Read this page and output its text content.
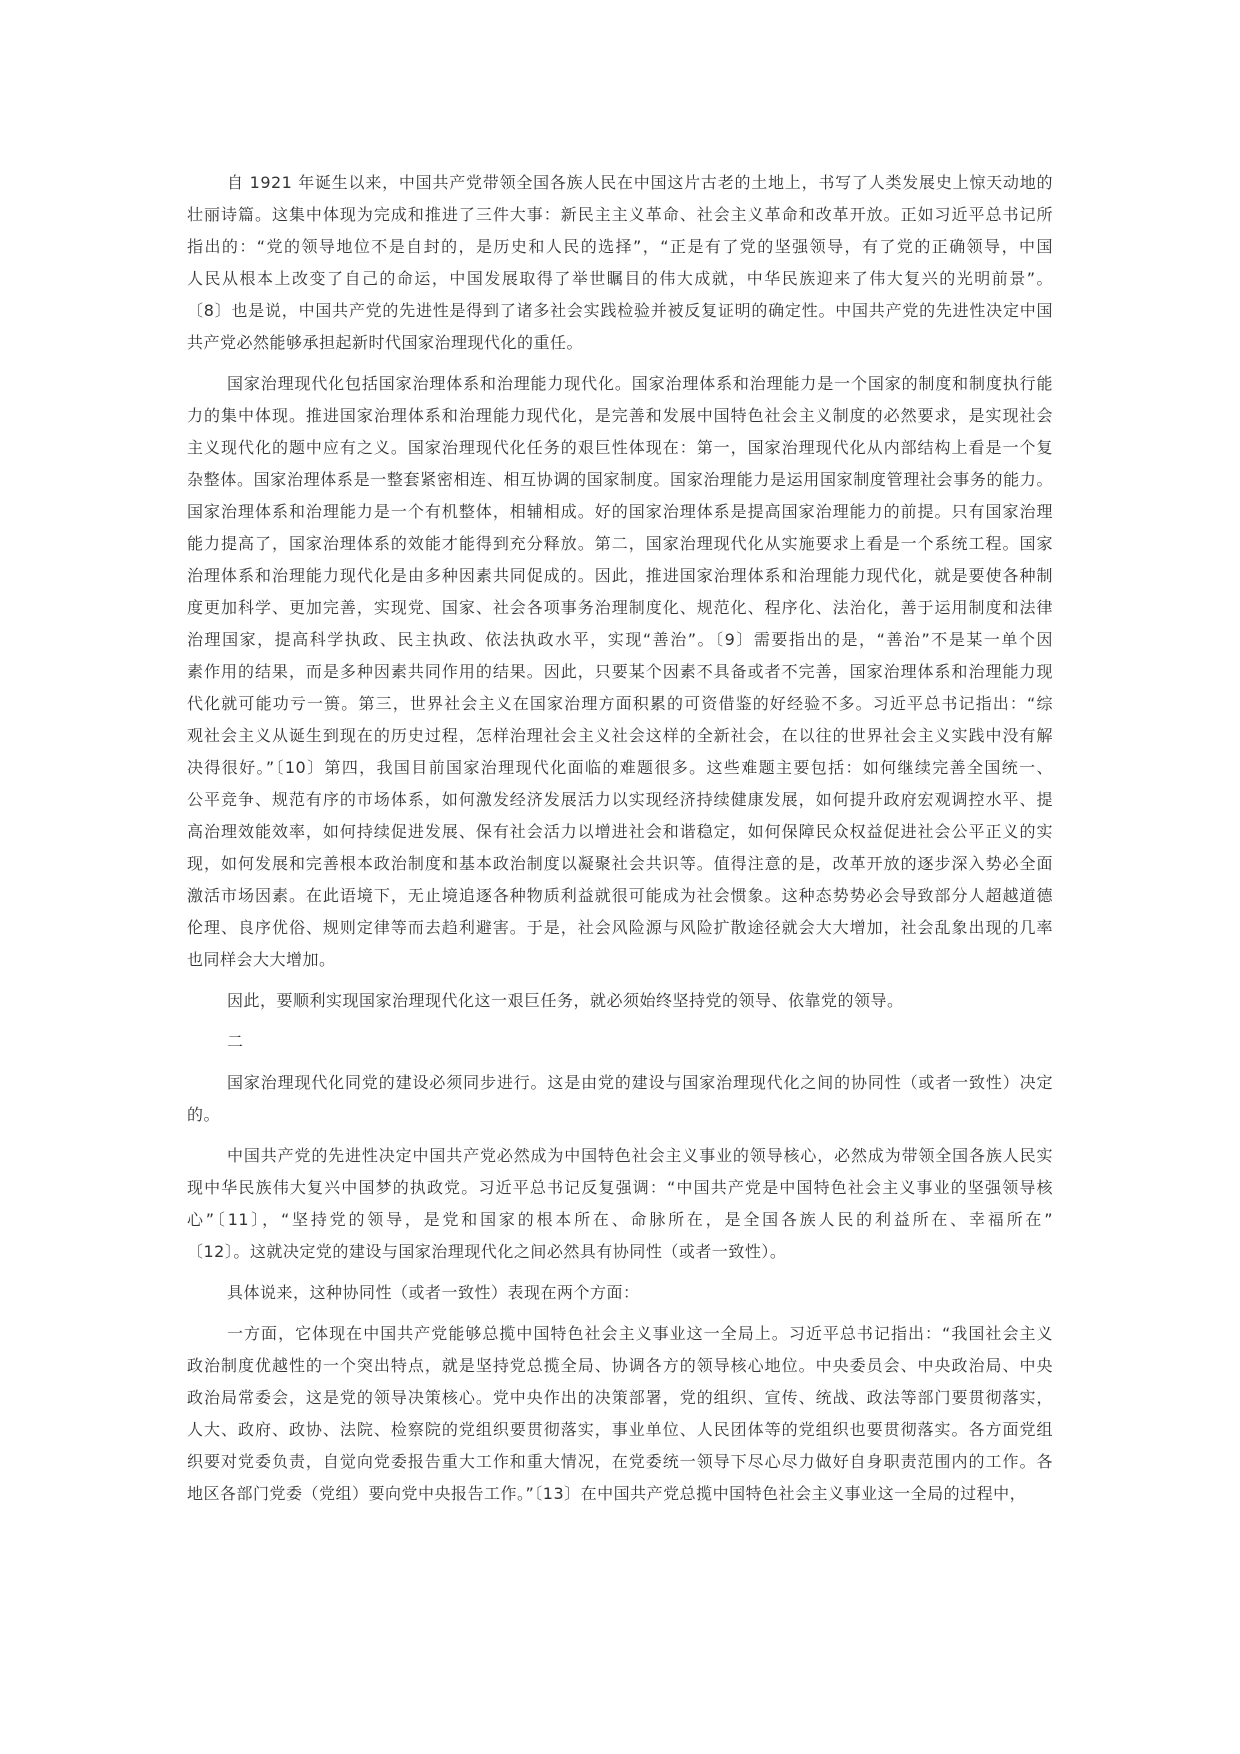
自 1921 年诞生以来，中国共产党带领全国各族人民在中国这片古老的土地上，书写了人类发展史上惊天动地的
壮丽诗篇。这集中体现为完成和推进了三件大事：新民主主义革命、社会主义革命和改革开放。正如习近平总书记所
指出的：“党的领导地位不是自封的，是历史和人民的选择”，“正是有了党的坚强领导，有了党的正确领导，中国
人民从根本上改变了自己的命运，中国发展取得了举世瞩目的伟大成就，中华民族迎来了伟大复兴的光明前景”。
〔8〕也是说，中国共产党的先进性是得到了诸多社会实践检验并被反复证明的确定性。中国共产党的先进性决定中国
共产党必然能够承担起新时代国家治理现代化的重任。

国家治理现代化包括国家治理体系和治理能力现代化。国家治理体系和治理能力是一个国家的制度和制度执行能
力的集中体现。推进国家治理体系和治理能力现代化，是完善和发展中国特色社会主义制度的必然要求，是实现社会
主义现代化的题中应有之义。国家治理现代化任务的艰巨性体现在：第一，国家治理现代化从内部结构上看是一个复
杂整体。国家治理体系是一整套紧密相连、相互协调的国家制度。国家治理能力是运用国家制度管理社会事务的能力。
国家治理体系和治理能力是一个有机整体，相辅相成。好的国家治理体系是提高国家治理能力的前提。只有国家治理
能力提高了，国家治理体系的效能才能得到充分释放。第二，国家治理现代化从实施要求上看是一个系统工程。国家
治理体系和治理能力现代化是由多种因素共同促成的。因此，推进国家治理体系和治理能力现代化，就是要使各种制
度更加科学、更加完善，实现党、国家、社会各项事务治理制度化、规范化、程序化、法治化，善于运用制度和法律
治理国家，提高科学执政、民主执政、依法执政水平，实现“善治”。〔9〕需要指出的是，“善治”不是某一单个因
素作用的结果，而是多种因素共同作用的结果。因此，只要某个因素不具备或者不完善，国家治理体系和治理能力现
代化就可能功亏一篑。第三，世界社会主义在国家治理方面积累的可资借鉴的好经验不多。习近平总书记指出：“综
观社会主义从诞生到现在的历史过程，怎样治理社会主义社会这样的全新社会，在以往的世界社会主义实践中没有解
决得很好。”〔10〕第四，我国目前国家治理现代化面临的难题很多。这些难题主要包括：如何继续完善全国统一、
公平竞争、规范有序的市场体系，如何激发经济发展活力以实现经济持续健康发展，如何提升政府宏观调控水平、提
高治理效能效率，如何持续促进发展、保有社会活力以增进社会和谐稳定，如何保障民众权益促进社会公平正义的实
现，如何发展和完善根本政治制度和基本政治制度以凝聚社会共识等。值得注意的是，改革开放的逐步深入势必全面
激活市场因素。在此语境下，无止境追逐各种物质利益就很可能成为社会惯象。这种态势势必会导致部分人超越道德
伦理、良序优俗、规则定律等而去趋利避害。于是，社会风险源与风险扩散途径就会大大增加，社会乱象出现的几率
也同样会大大增加。

因此，要顺利实现国家治理现代化这一艰巨任务，就必须始终坚持党的领导、依靠党的领导。

二

国家治理现代化同党的建设必须同步进行。这是由党的建设与国家治理现代化之间的协同性（或者一致性）决定
的。

中国共产党的先进性决定中国共产党必然成为中国特色社会主义事业的领导核心，必然成为带领全国各族人民实
现中华民族伟大复兴中国梦的执政党。习近平总书记反复强调：“中国共产党是中国特色社会主义事业的坚强领导核
心”〔11〕，“坚持党的领导，是党和国家的根本所在、命脉所在，是全国各族人民的利益所在、幸福所在”
〔12〕。这就决定党的建设与国家治理现代化之间必然具有协同性（或者一致性）。

具体说来，这种协同性（或者一致性）表现在两个方面：

一方面，它体现在中国共产党能够总揽中国特色社会主义事业这一全局上。习近平总书记指出：“我国社会主义
政治制度优越性的一个突出特点，就是坚持党总揽全局、协调各方的领导核心地位。中央委员会、中央政治局、中央
政治局常委会，这是党的领导决策核心。党中央作出的决策部署，党的组织、宣传、统战、政法等部门要贯彻落实，
人大、政府、政协、法院、检察院的党组织要贯彻落实，事业单位、人民团体等的党组织也要贯彻落实。各方面党组
织要对党委负责，自觉向党委报告重大工作和重大情况，在党委统一领导下尽心尽力做好自身职责范围内的工作。各
地区各部门党委（党组）要向党中央报告工作。”〔13〕在中国共产党总揽中国特色社会主义事业这一全局的过程中，
